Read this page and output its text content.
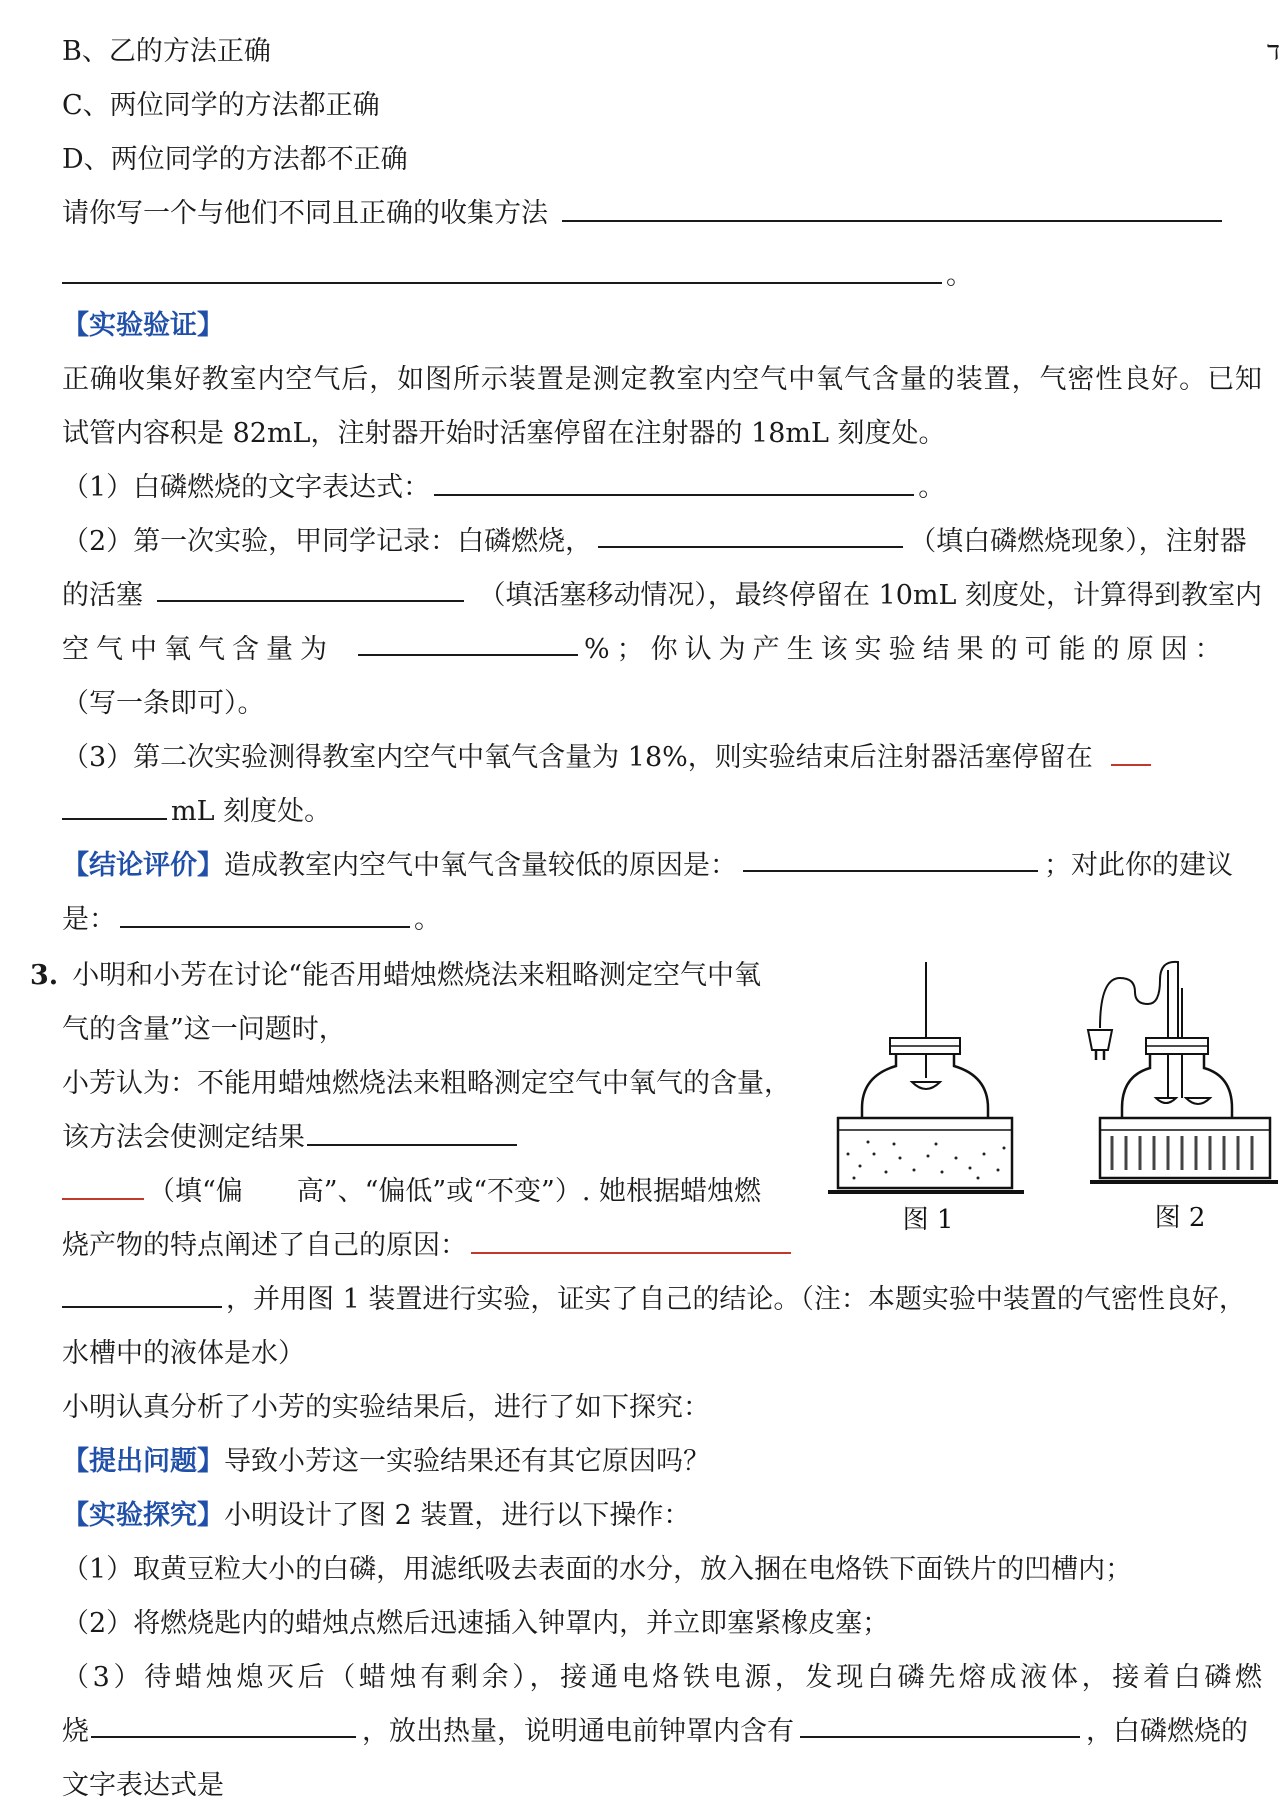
ד
B、乙的方法正确
C、两位同学的方法都正确
D、两位同学的方法都不正确
请你写一个与他们不同且正确的收集方法
。
【实验验证】
正确收集好教室内空气后，如图所示装置是测定教室内空气中氧气含量的装置，气密性良好。已知
试管内容积是 82mL，注射器开始时活塞停留在注射器的 18mL 刻度处。
（1）白磷燃烧的文字表达式：	。
（2）第一次实验，甲同学记录：白磷燃烧，	（填白磷燃烧现象），注射器
的活塞	（填活塞移动情况），最终停留在 10mL 刻度处，计算得到教室内
空气中氧气含量为	%；你认为产生该实验结果的可能的原因：
（写一条即可）。
（3）第二次实验测得教室内空气中氧气含量为 18%，则实验结束后注射器活塞停留在
mL 刻度处。
【结论评价】 造成教室内空气中氧气含量较低的原因是：	；对此你的建议
是：	。
3. 小明和小芳在讨论“能否用蜡烛燃烧法来粗略测定空气中氧
气的含量”这一问题时，
小芳认为：不能用蜡烛燃烧法来粗略测定空气中氧气的含量，
该方法会使测定结果
（填“偏　　高”、“偏低”或“不变”）. 她根据蜡烛燃
烧产物的特点阐述了自己的原因：
，并用图 1 装置进行实验，证实了自己的结论。（注：本题实验中装置的气密性良好，
水槽中的液体是水）
小明认真分析了小芳的实验结果后，进行了如下探究：
【提出问题】导致小芳这一实验结果还有其它原因吗？
【实验探究】小明设计了图 2 装置，进行以下操作：
（1）取黄豆粒大小的白磷，用滤纸吸去表面的水分，放入捆在电烙铁下面铁片的凹槽内；
（2）将燃烧匙内的蜡烛点燃后迅速插入钟罩内，并立即塞紧橡皮塞；
（3）待蜡烛熄灭后（蜡烛有剩余），接通电烙铁电源，发现白磷先熔成液体，接着白磷燃
烧	，放出热量，说明通电前钟罩内含有	，白磷燃烧的
文字表达式是
图 1	图 2
